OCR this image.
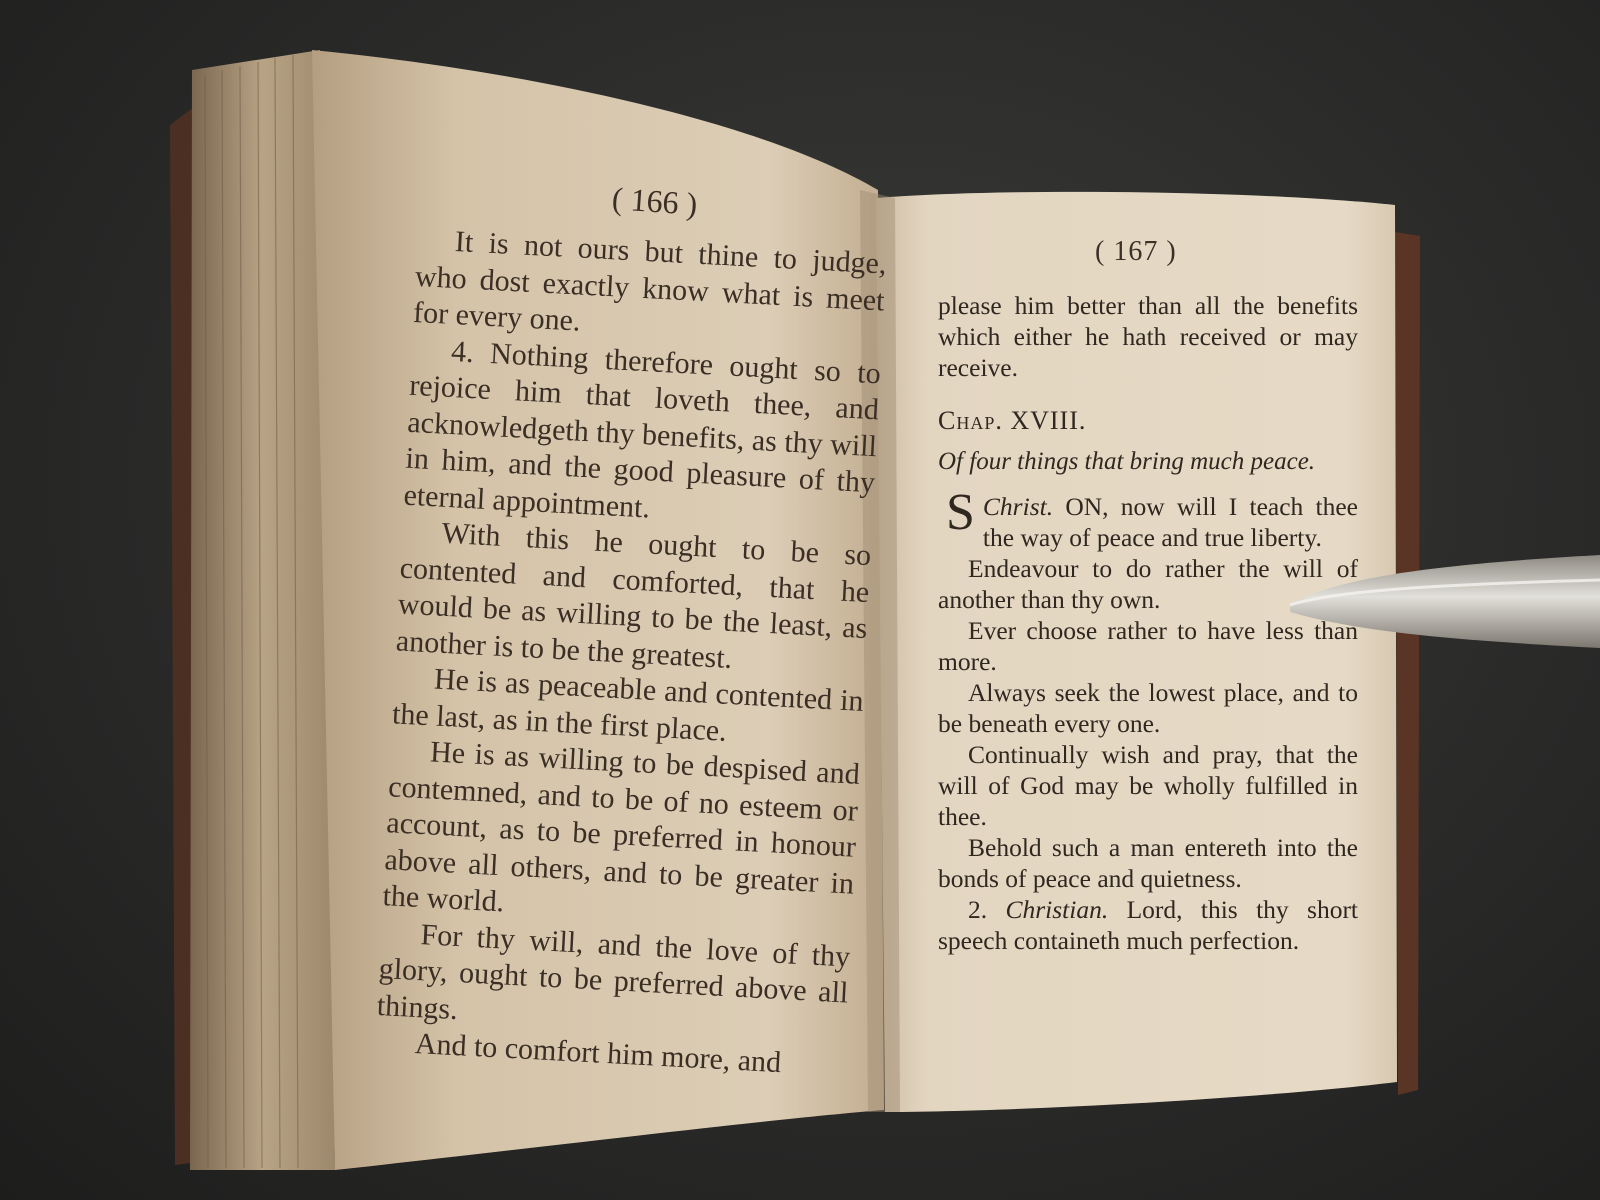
( 166 )

It is not ours but thine to judge, who dost exactly know what is meet for every one.

4. Nothing therefore ought so to rejoice him that loveth thee, and acknowledgeth thy benefits, as thy will in him, and the good pleasure of thy eternal appointment.

With this he ought to be so contented and comforted, that he would be as willing to be the least, as another is to be the greatest.

He is as peaceable and contented in the last, as in the first place.

He is as willing to be despised and contemned, and to be of no esteem or account, as to be preferred in honour above all others, and to be greater in the world.

For thy will, and the love of thy glory, ought to be preferred above all things.

And to comfort him more, and

( 167 )

please him better than all the benefits which either he hath received or may receive.

Chap. XVIII.

Of four things that bring much peace.

Christ.
S	ON, now will I teach thee the way of peace and true liberty.

Endeavour to do rather the will of another than thy own.

Ever choose rather to have less than more.

Always seek the lowest place, and to be beneath every one.

Continually wish and pray, that the will of God may be wholly fulfilled in thee.

Behold such a man entereth into the bonds of peace and quietness.

2. Christian. Lord, this thy short speech containeth much perfection.
